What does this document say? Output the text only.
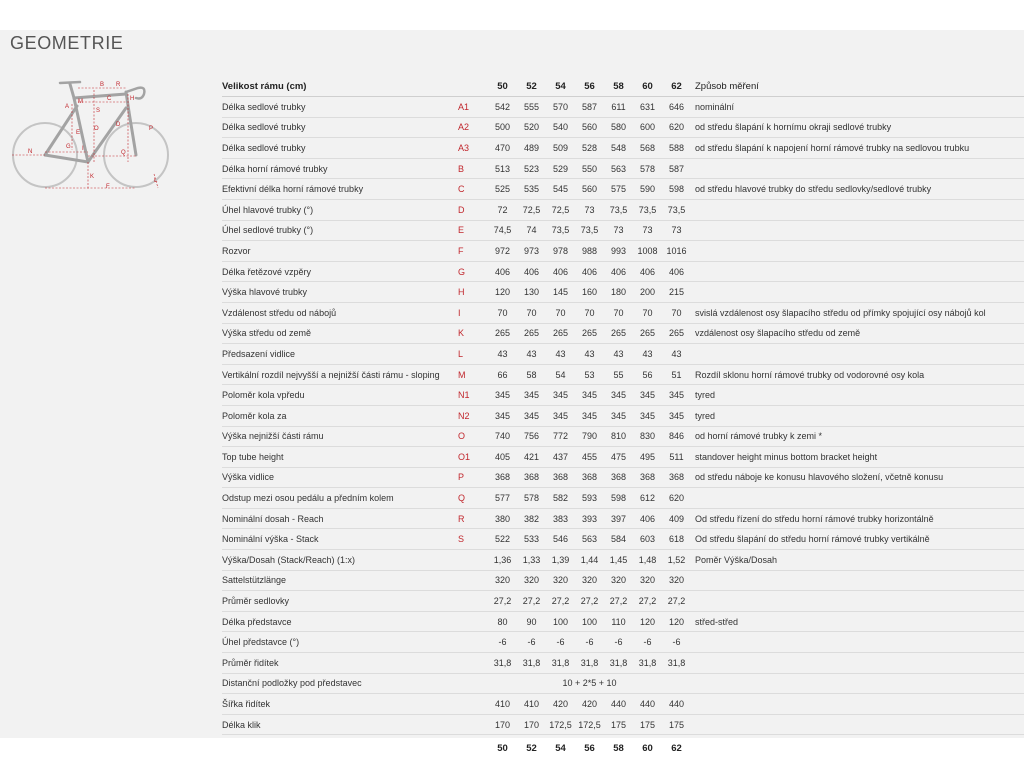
GEOMETRIE
A
M
B R
H
S
O	P
E
D
C
N
G
F
Q
K
L
I
Velikost rámu (cm)		50	52	54	56	58	60	62	Způsob měření
Délka sedlové trubky	A1	542	555	570	587	611	631	646	nominální
Délka sedlové trubky	A2	500	520	540	560	580	600	620	od středu šlapání k hornímu okraji sedlové trubky
Délka sedlové trubky	A3	470	489	509	528	548	568	588	od středu šlapání k napojení horní rámové trubky na sedlovou trubku
Délka horní rámové trubky	B	513	523	529	550	563	578	587	
Efektivní délka horní rámové trubky	C	525	535	545	560	575	590	598	od středu hlavové trubky do středu sedlovky/sedlové trubky
Úhel hlavové trubky (°)	D	72	72,5	72,5	73	73,5	73,5	73,5	
Úhel sedlové trubky (°)	E	74,5	74	73,5	73,5	73	73	73	
Rozvor	F	972	973	978	988	993	1008	1016	
Délka řetězové vzpěry	G	406	406	406	406	406	406	406	
Výška hlavové trubky	H	120	130	145	160	180	200	215	
Vzdálenost středu od nábojů	I	70	70	70	70	70	70	70	svislá vzdálenost osy šlapacího středu od přímky spojující osy nábojů kol
Výška středu od země	K	265	265	265	265	265	265	265	vzdálenost osy šlapacího středu od země
Předsazení vidlice	L	43	43	43	43	43	43	43	
Vertikální rozdíl nejvyšší a nejnižší části rámu - sloping	M	66	58	54	53	55	56	51	Rozdíl sklonu horní rámové trubky od vodorovné osy kola
Poloměr kola vpředu	N1	345	345	345	345	345	345	345	tyred
Poloměr kola za	N2	345	345	345	345	345	345	345	tyred
Výška nejnižší části rámu	O	740	756	772	790	810	830	846	od horní rámové trubky k zemi *
Top tube height	O1	405	421	437	455	475	495	511	standover height minus bottom bracket height
Výška vidlice	P	368	368	368	368	368	368	368	od středu náboje ke konusu hlavového složení, včetně konusu
Odstup mezi osou pedálu a předním kolem	Q	577	578	582	593	598	612	620	
Nominální dosah - Reach	R	380	382	383	393	397	406	409	Od středu řízení do středu horní rámové trubky horizontálně
Nominální výška - Stack	S	522	533	546	563	584	603	618	Od středu šlapání do středu horní rámové trubky vertikálně
Výška/Dosah (Stack/Reach) (1:x)		1,36	1,33	1,39	1,44	1,45	1,48	1,52	Poměr Výška/Dosah
Sattelstützlänge		320	320	320	320	320	320	320	
Průměr sedlovky		27,2	27,2	27,2	27,2	27,2	27,2	27,2	
Délka představce		80	90	100	100	110	120	120	střed-střed
Úhel představce (°)		-6	-6	-6	-6	-6	-6	-6	
Průměr řidítek		31,8	31,8	31,8	31,8	31,8	31,8	31,8	
Distanční podložky pod představec		10 + 2*5 + 10							
Šířka řidítek		410	410	420	420	440	440	440	
Délka klik		170	170	172,5	172,5	175	175	175	
		50	52	54	56	58	60	62	
